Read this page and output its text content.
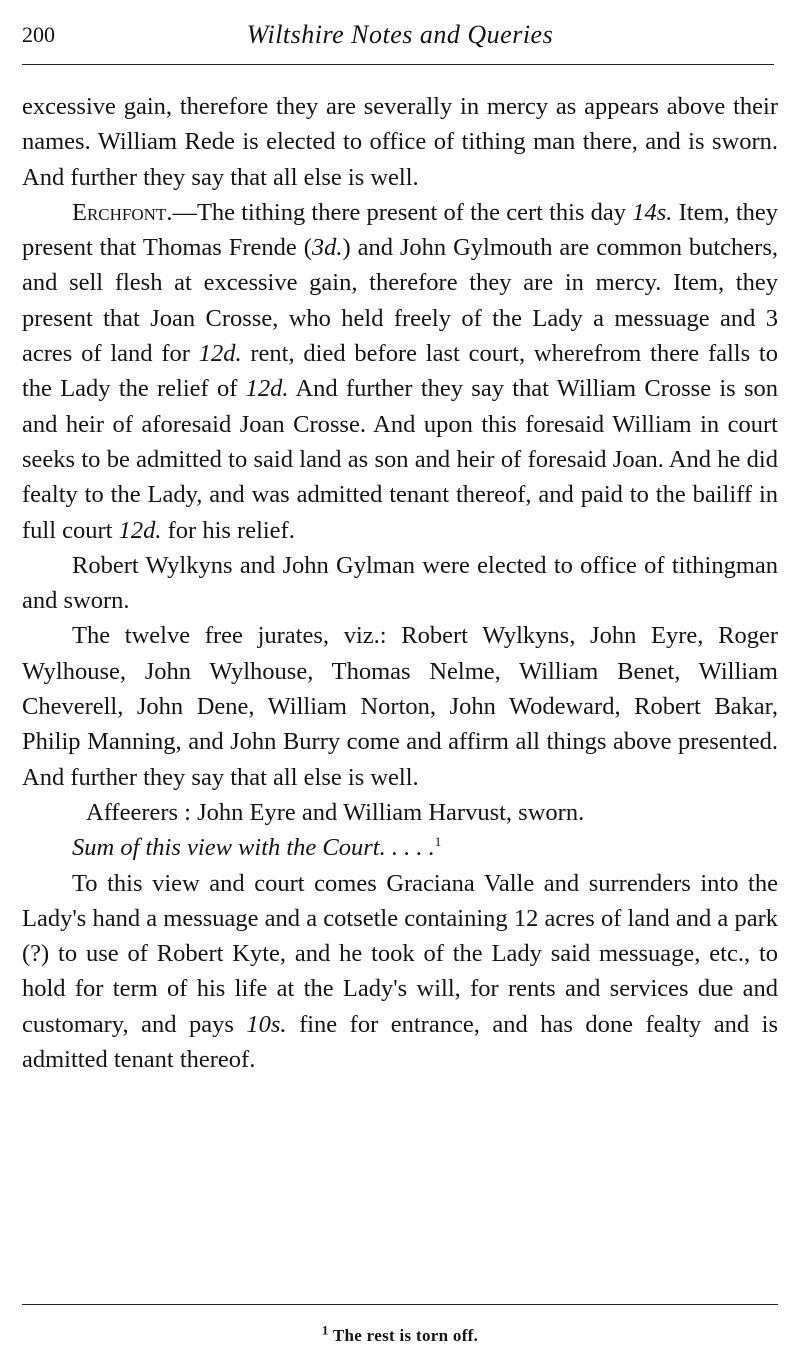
200	Wiltshire Notes and Queries

excessive gain, therefore they are severally in mercy as appears above their names. William Rede is elected to office of tithing man there, and is sworn. And further they say that all else is well.

Erchfont.—The tithing there present of the cert this day 14s. Item, they present that Thomas Frende (3d.) and John Gylmouth are common butchers, and sell flesh at excessive gain, therefore they are in mercy. Item, they present that Joan Crosse, who held freely of the Lady a messuage and 3 acres of land for 12d. rent, died before last court, wherefrom there falls to the Lady the relief of 12d. And further they say that William Crosse is son and heir of aforesaid Joan Crosse. And upon this foresaid William in court seeks to be admitted to said land as son and heir of foresaid Joan. And he did fealty to the Lady, and was admitted tenant thereof, and paid to the bailiff in full court 12d. for his relief.

Robert Wylkyns and John Gylman were elected to office of tithingman and sworn.

The twelve free jurates, viz.: Robert Wylkyns, John Eyre, Roger Wylhouse, John Wylhouse, Thomas Nelme, William Benet, William Cheverell, John Dene, William Norton, John Wodeward, Robert Bakar, Philip Manning, and John Burry come and affirm all things above presented. And further they say that all else is well.

Affeerers : John Eyre and William Harvust, sworn.

Sum of this view with the Court. . . . .$^1$

To this view and court comes Graciana Valle and surrenders into the Lady's hand a messuage and a cotsetle containing 12 acres of land and a park (?) to use of Robert Kyte, and he took of the Lady said messuage, etc., to hold for term of his life at the Lady's will, for rents and services due and customary, and pays 10s. fine for entrance, and has done fealty and is admitted tenant thereof.

$^1$ The rest is torn off.
